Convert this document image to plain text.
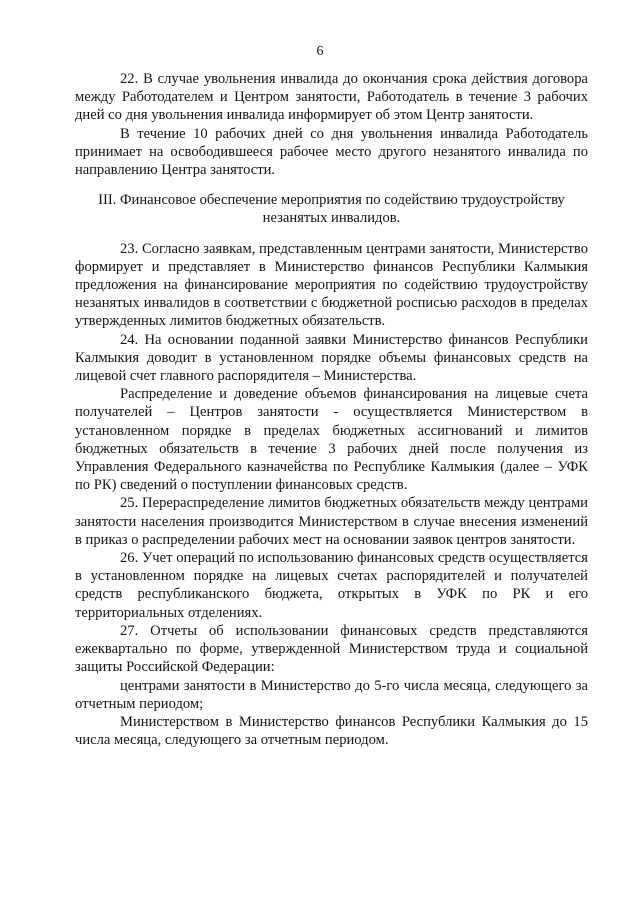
6

22. В случае увольнения инвалида до окончания срока действия договора между Работодателем и Центром занятости, Работодатель в течение 3 рабочих дней со дня увольнения инвалида информирует об этом Центр занятости.

В течение 10 рабочих дней со дня увольнения инвалида Работодатель принимает на освободившееся рабочее место другого незанятого инвалида по направлению Центра занятости.

III. Финансовое обеспечение мероприятия по содействию трудоустройству незанятых инвалидов.

23. Согласно заявкам, представленным центрами занятости, Министерство формирует и представляет в Министерство финансов Республики Калмыкия предложения на финансирование мероприятия по содействию трудоустройству незанятых инвалидов в соответствии с бюджетной росписью расходов в пределах утвержденных лимитов бюджетных обязательств.

24. На основании поданной заявки Министерство финансов Республики Калмыкия доводит в установленном порядке объемы финансовых средств на лицевой счет главного распорядителя – Министерства.

Распределение и доведение объемов финансирования на лицевые счета получателей – Центров занятости - осуществляется Министерством в установленном порядке в пределах бюджетных ассигнований и лимитов бюджетных обязательств в течение 3 рабочих дней после получения из Управления Федерального казначейства по Республике Калмыкия (далее – УФК по РК) сведений о поступлении финансовых средств.

25. Перераспределение лимитов бюджетных обязательств между центрами занятости населения производится Министерством в случае внесения изменений в приказ о распределении рабочих мест на основании заявок центров занятости.

26. Учет операций по использованию финансовых средств осуществляется в установленном порядке на лицевых счетах распорядителей и получателей средств республиканского бюджета, открытых в УФК по РК и его территориальных отделениях.

27. Отчеты об использовании финансовых средств представляются ежеквартально по форме, утвержденной Министерством труда и социальной защиты Российской Федерации:

центрами занятости в Министерство до 5-го числа месяца, следующего за отчетным периодом;

Министерством в Министерство финансов Республики Калмыкия до 15 числа месяца, следующего за отчетным периодом.
